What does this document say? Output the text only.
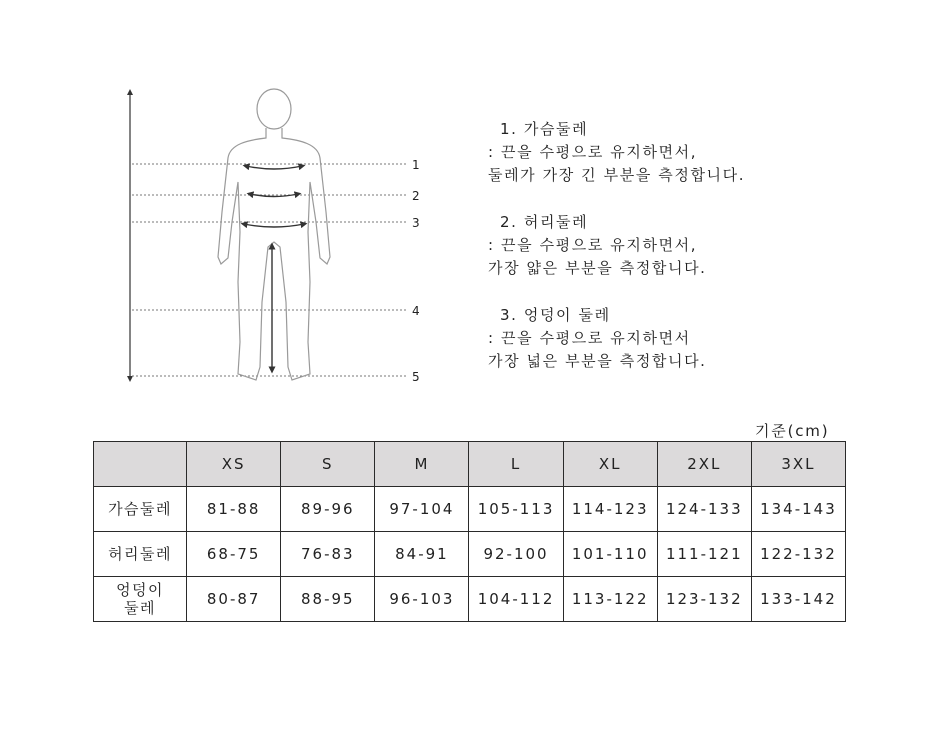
1
2
3
4
5
1. 가슴둘레
: 끈을 수평으로 유지하면서,
둘레가 가장 긴 부분을 측정합니다.
2. 허리둘레
: 끈을 수평으로 유지하면서,
가장 얇은 부분을 측정합니다.
3. 엉덩이 둘레
: 끈을 수평으로 유지하면서
가장 넓은 부분을 측정합니다.
기준(cm)
	XS	S	M	L	XL	2XL	3XL
가슴둘레	81-88	89-96	97-104	105-113	114-123	124-133	134-143
허리둘레	68-75	76-83	84-91	92-100	101-110	111-121	122-132

엉덩이
둘레	80-87	88-95	96-103	104-112	113-122	123-132	133-142
